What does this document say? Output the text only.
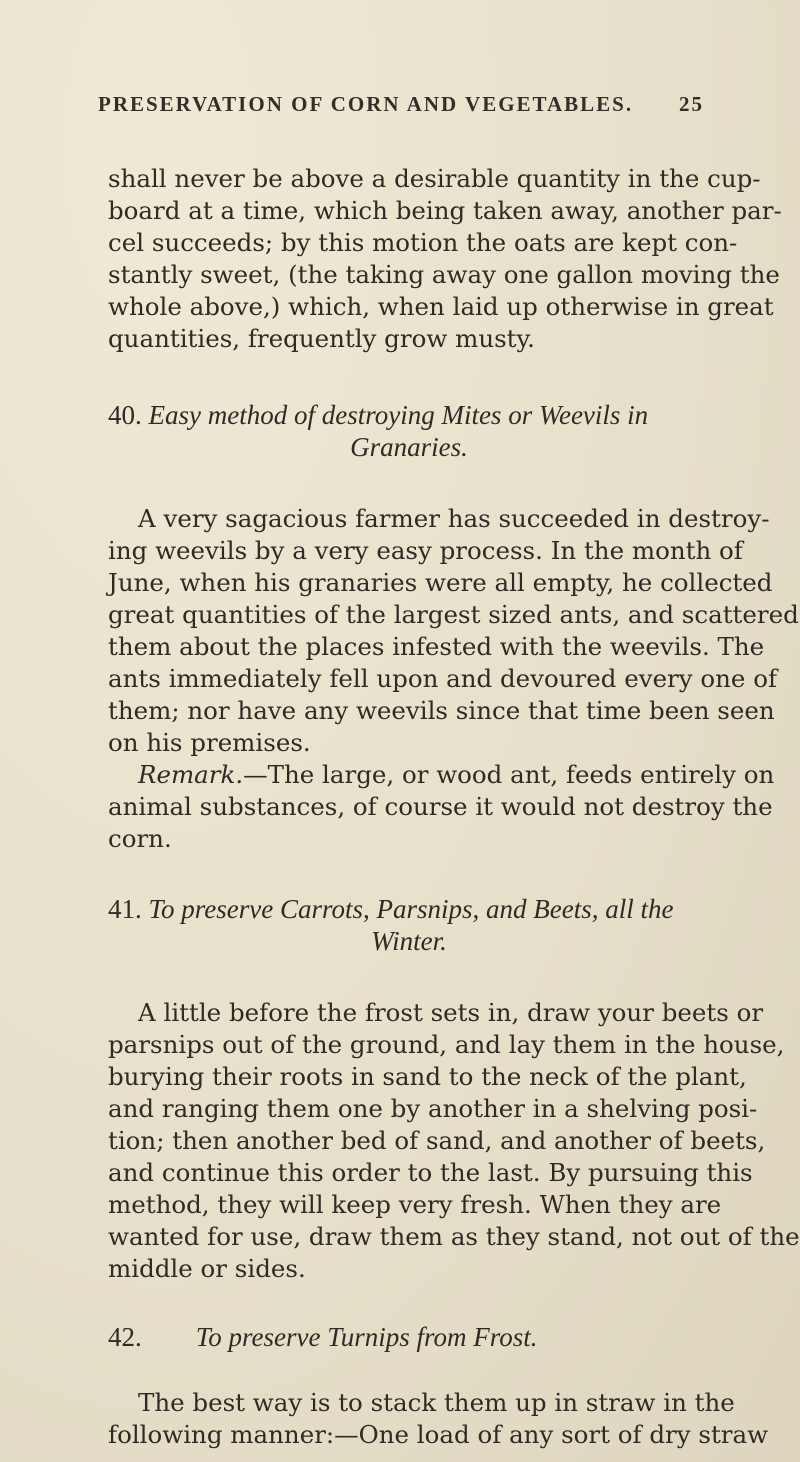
PRESERVATION OF CORN AND VEGETABLES. 25
shall never be above a desirable quantity in the cup-
board at a time, which being taken away, another par-
cel succeeds; by this motion the oats are kept con-
stantly sweet, (the taking away one gallon moving the
whole above,) which, when laid up otherwise in great
quantities, frequently grow musty.
40. Easy method of destroying Mites or Weevils in
Granaries.
A very sagacious farmer has succeeded in destroy-
ing weevils by a very easy process. In the month of
June, when his granaries were all empty, he collected
great quantities of the largest sized ants, and scattered
them about the places infested with the weevils. The
ants immediately fell upon and devoured every one of
them; nor have any weevils since that time been seen
on his premises.
Remark.—The large, or wood ant, feeds entirely on
animal substances, of course it would not destroy the
corn.
41. To preserve Carrots, Parsnips, and Beets, all the
Winter.
A little before the frost sets in, draw your beets or
parsnips out of the ground, and lay them in the house,
burying their roots in sand to the neck of the plant,
and ranging them one by another in a shelving posi-
tion; then another bed of sand, and another of beets,
and continue this order to the last. By pursuing this
method, they will keep very fresh. When they are
wanted for use, draw them as they stand, not out of the
middle or sides.
42. To preserve Turnips from Frost.
The best way is to stack them up in straw in the
following manner:—One load of any sort of dry straw
